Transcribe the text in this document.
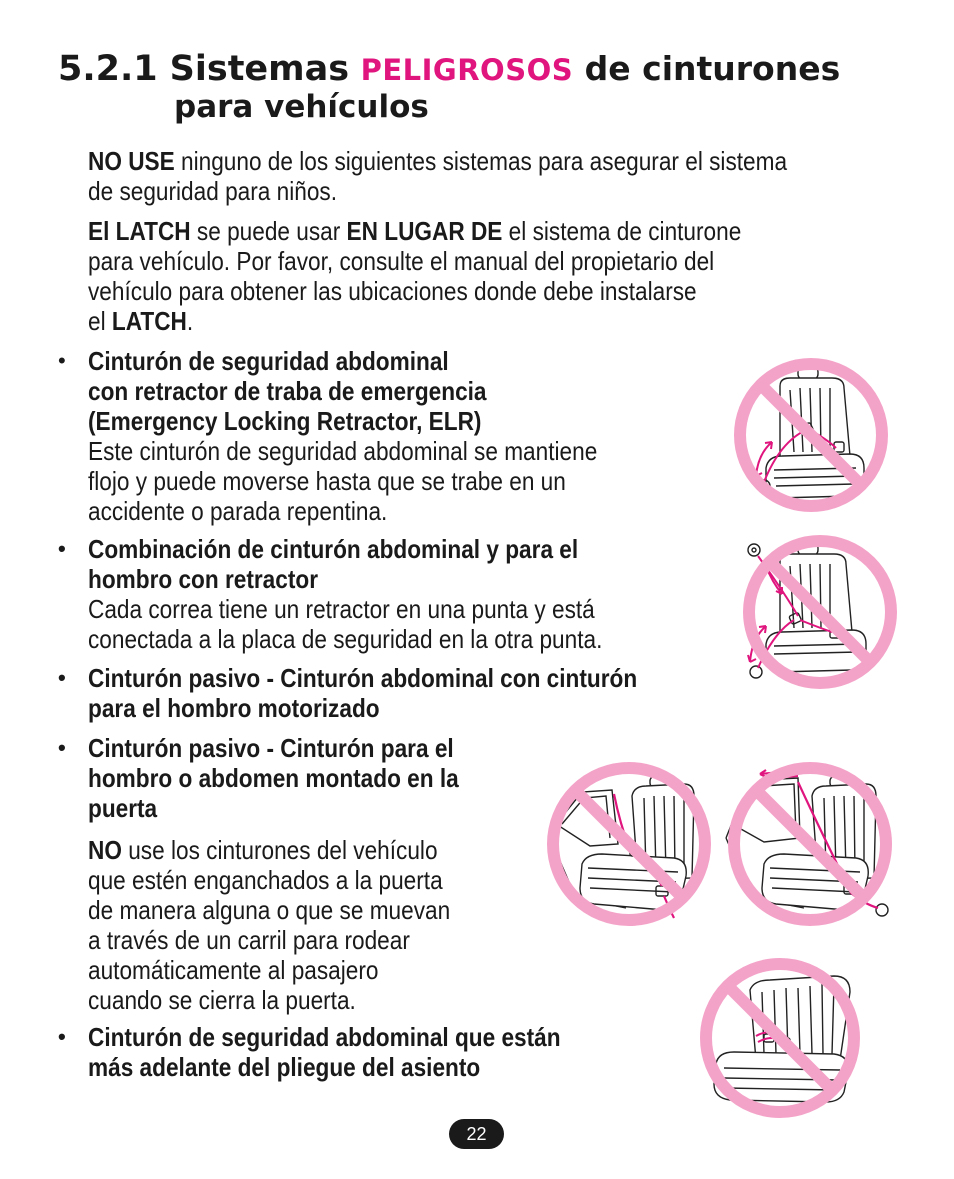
5.2.1 Sistemas PELIGROSOS de cinturones
para vehículos
NO USE ninguno de los siguientes sistemas para asegurar el sistema
de seguridad para niños.
El LATCH se puede usar EN LUGAR DE el sistema de cinturone
para vehículo. Por favor, consulte el manual del propietario del
vehículo para obtener las ubicaciones donde debe instalarse
el LATCH.
• Cinturón de seguridad abdominal
con retractor de traba de emergencia
(Emergency Locking Retractor, ELR)
Este cinturón de seguridad abdominal se mantiene
flojo y puede moverse hasta que se trabe en un
accidente o parada repentina.
• Combinación de cinturón abdominal y para el
hombro con retractor
Cada correa tiene un retractor en una punta y está
conectada a la placa de seguridad en la otra punta.
• Cinturón pasivo - Cinturón abdominal con cinturón
para el hombro motorizado
• Cinturón pasivo - Cinturón para el
hombro o abdomen montado en la
puerta
NO use los cinturones del vehículo
que estén enganchados a la puerta
de manera alguna o que se muevan
a través de un carril para rodear
automáticamente al pasajero
cuando se cierra la puerta.
• Cinturón de seguridad abdominal que están
más adelante del pliegue del asiento
22
